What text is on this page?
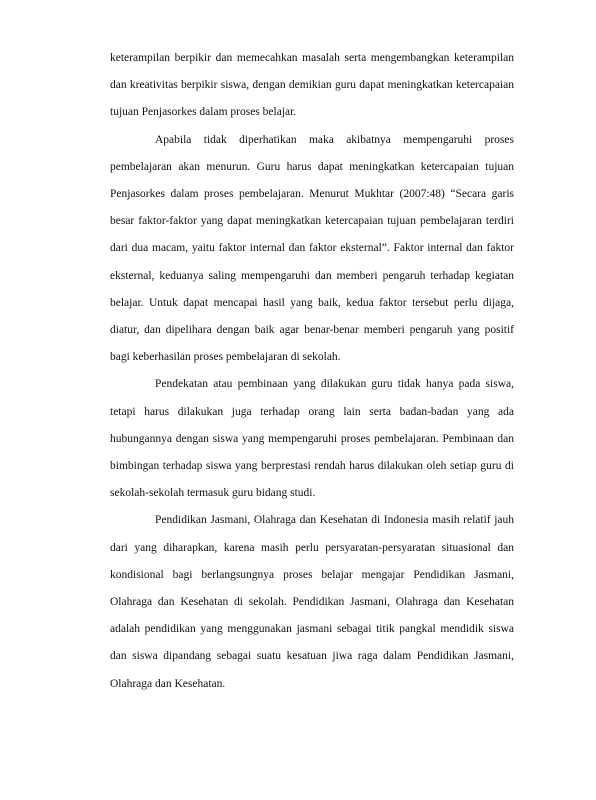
keterampilan berpikir dan memecahkan masalah serta mengembangkan keterampilan dan kreativitas berpikir siswa, dengan demikian guru dapat meningkatkan ketercapaian tujuan Penjasorkes dalam proses belajar.

Apabila tidak diperhatikan maka akibatnya mempengaruhi proses pembelajaran akan menurun. Guru harus dapat meningkatkan ketercapaian tujuan Penjasorkes dalam proses pembelajaran. Menurut Mukhtar (2007:48) “Secara garis besar faktor-faktor yang dapat meningkatkan ketercapaian tujuan pembelajaran terdiri dari dua macam, yaitu faktor internal dan faktor eksternal”. Faktor internal dan faktor eksternal, keduanya saling mempengaruhi dan memberi pengaruh terhadap kegiatan belajar. Untuk dapat mencapai hasil yang baik, kedua faktor tersebut perlu dijaga, diatur, dan dipelihara dengan baik agar benar-benar memberi pengaruh yang positif bagi keberhasilan proses pembelajaran di sekolah.

Pendekatan atau pembinaan yang dilakukan guru tidak hanya pada siswa, tetapi harus dilakukan juga terhadap orang lain serta badan-badan yang ada hubungannya dengan siswa yang mempengaruhi proses pembelajaran. Pembinaan dan bimbingan terhadap siswa yang berprestasi rendah harus dilakukan oleh setiap guru di sekolah-sekolah termasuk guru bidang studi.

Pendidikan Jasmani, Olahraga dan Kesehatan di Indonesia masih relatif jauh dari yang diharapkan, karena masih perlu persyaratan-persyaratan situasional dan kondisional bagi berlangsungnya proses belajar mengajar Pendidikan Jasmani, Olahraga dan Kesehatan di sekolah. Pendidikan Jasmani, Olahraga dan Kesehatan adalah pendidikan yang menggunakan jasmani sebagai titik pangkal mendidik siswa dan siswa dipandang sebagai suatu kesatuan jiwa raga dalam Pendidikan Jasmani, Olahraga dan Kesehatan.
